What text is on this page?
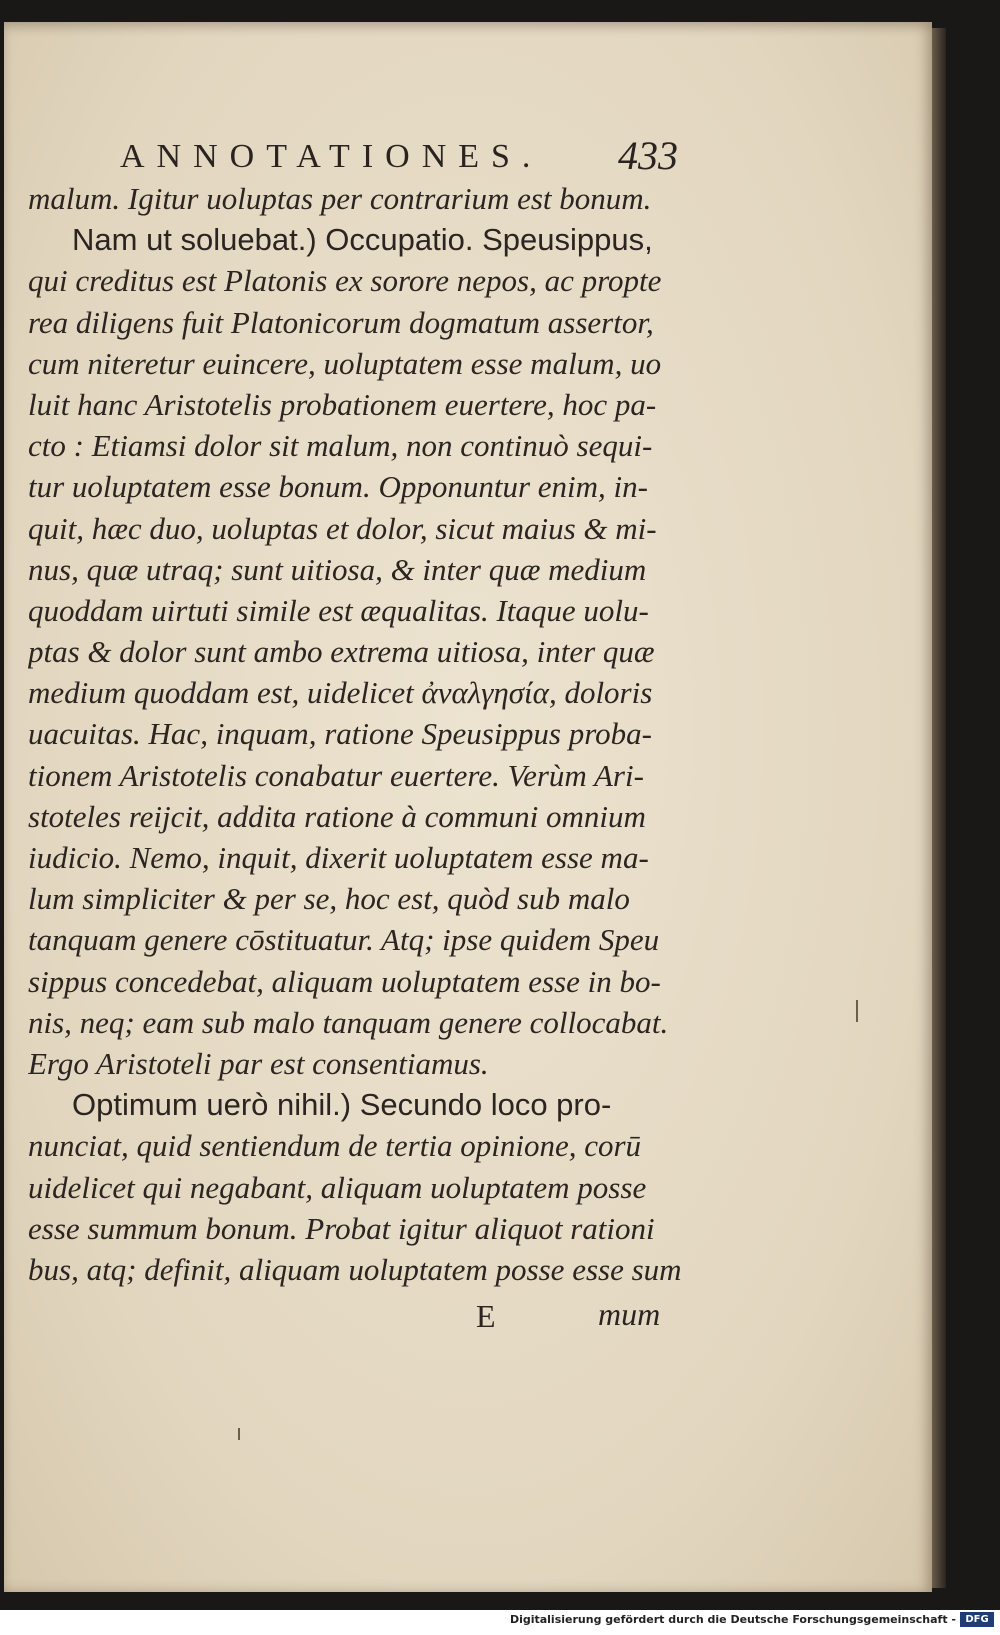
ANNOTATIONES. 433
malum. Igitur uoluptas per contrarium est bonum.
Nam ut soluebat.) Occupatio. Speusippus,
qui creditus est Platonis ex sorore nepos, ac propte
rea diligens fuit Platonicorum dogmatum assertor,
cum niteretur euincere, uoluptatem esse malum, uo
luit hanc Aristotelis probationem euertere, hoc pa-
cto : Etiamsi dolor sit malum, non continuò sequi-
tur uoluptatem esse bonum. Opponuntur enim, in-
quit, hæc duo, uoluptas et dolor, sicut maius & mi-
nus, quæ utraq; sunt uitiosa, & inter quæ medium
quoddam uirtuti simile est æqualitas. Itaque uolu-
ptas & dolor sunt ambo extrema uitiosa, inter quæ
medium quoddam est, uidelicet ἀναλγησία, doloris
uacuitas. Hac, inquam, ratione Speusippus proba-
tionem Aristotelis conabatur euertere. Verùm Ari-
stoteles reijcit, addita ratione à communi omnium
iudicio. Nemo, inquit, dixerit uoluptatem esse ma-
lum simpliciter & per se, hoc est, quòd sub malo
tanquam genere cōstituatur. Atq; ipse quidem Speu
sippus concedebat, aliquam uoluptatem esse in bo-
nis, neq; eam sub malo tanquam genere collocabat.
Ergo Aristoteli par est consentiamus.
Optimum uerò nihil.) Secundo loco pro-
nunciat, quid sentiendum de tertia opinione, corū
uidelicet qui negabant, aliquam uoluptatem posse
esse summum bonum. Probat igitur aliquot rationi
bus, atq; definit, aliquam uoluptatem posse esse sum
E	mum
Digitalisierung gefördert durch die Deutsche Forschungsgemeinschaft - DFG
